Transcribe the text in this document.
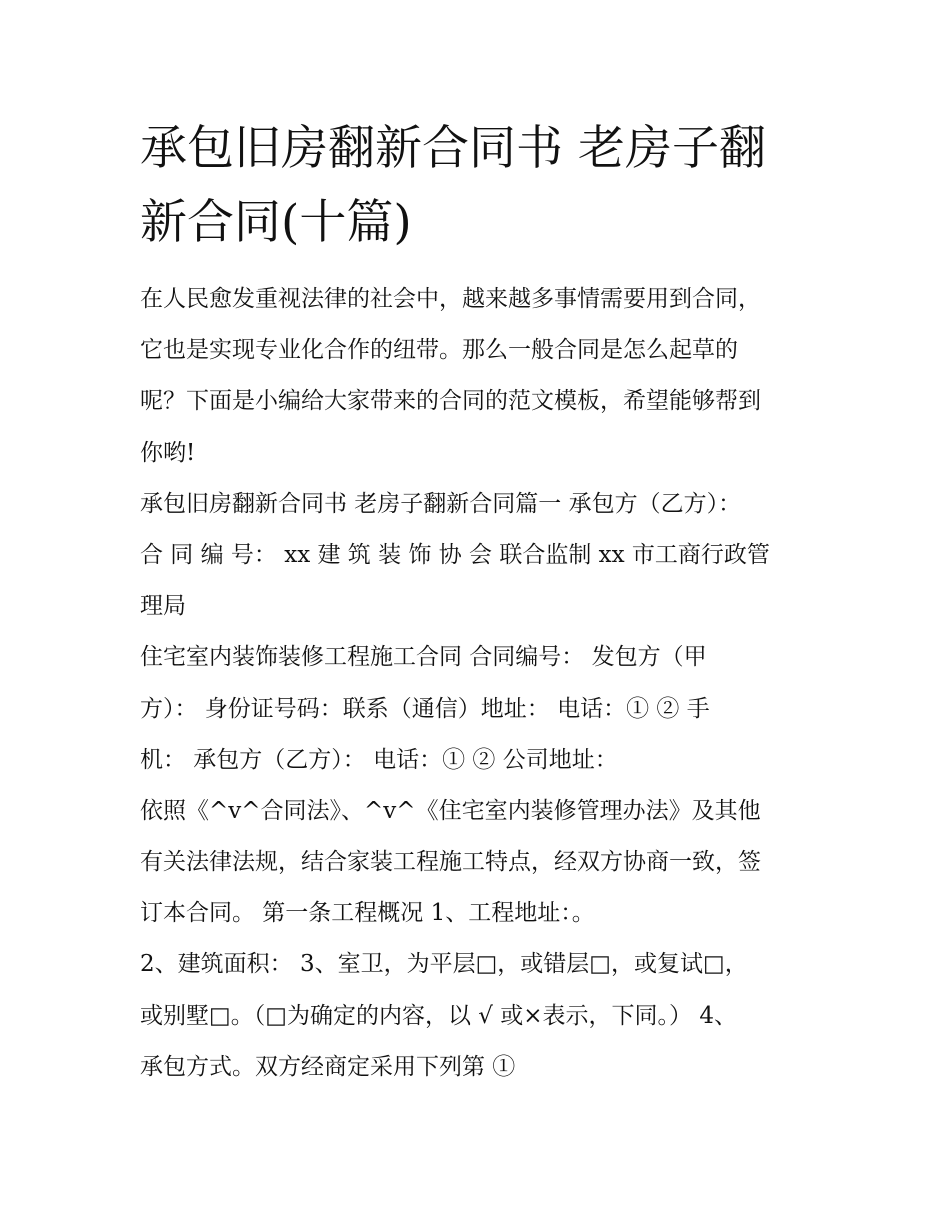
承包旧房翻新合同书 老房子翻
新合同(十篇)
在人民愈发重视法律的社会中，越来越多事情需要用到合同，
它也是实现专业化合作的纽带。那么一般合同是怎么起草的
呢？下面是小编给大家带来的合同的范文模板，希望能够帮到
你哟!
承包旧房翻新合同书 老房子翻新合同篇一 承包方（乙方）：
合 同 编 号： xx 建 筑 装 饰 协 会 联合监制 xx 市工商行政管
理局
住宅室内装饰装修工程施工合同 合同编号： 发包方（甲
方）： 身份证号码：联系（通信）地址： 电话：① ② 手
机： 承包方（乙方）： 电话：① ② 公司地址：
依照《^v^合同法》、^v^《住宅室内装修管理办法》及其他
有关法律法规，结合家装工程施工特点，经双方协商一致，签
订本合同。 第一条工程概况 1、工程地址：。
2、建筑面积： 3、室卫，为平层□，或错层□，或复试□，
或别墅□。（□为确定的内容，以 √ 或×表示，下同。） 4、
承包方式。双方经商定采用下列第 ①
